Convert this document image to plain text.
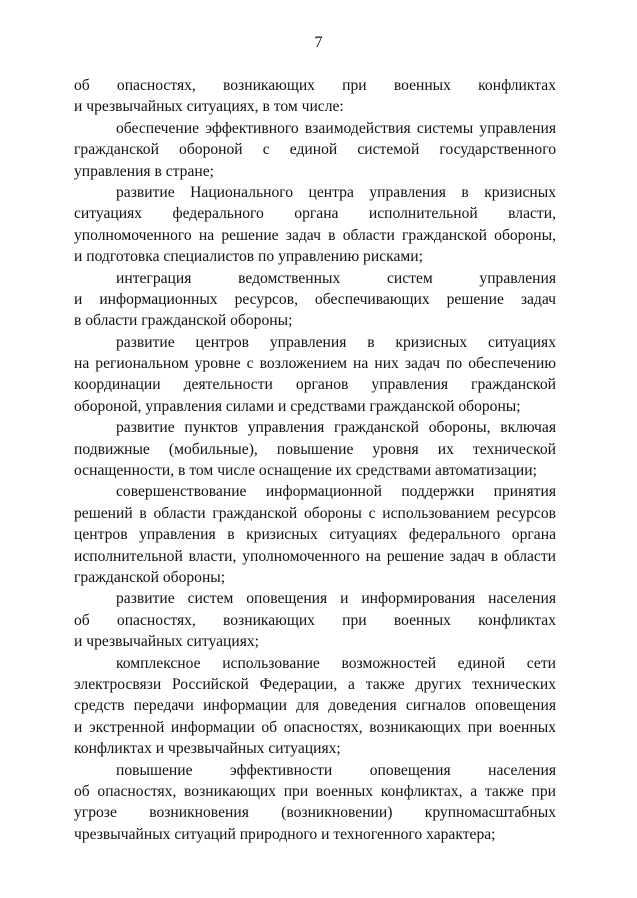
7
об опасностях, возникающих при военных конфликтах
и чрезвычайных ситуациях, в том числе:
обеспечение эффективного взаимодействия системы управления
гражданской обороной с единой системой государственного
управления в стране;
развитие Национального центра управления в кризисных
ситуациях федерального органа исполнительной власти,
уполномоченного на решение задач в области гражданской обороны,
и подготовка специалистов по управлению рисками;
интеграция ведомственных систем управления
и информационных ресурсов, обеспечивающих решение задач
в области гражданской обороны;
развитие центров управления в кризисных ситуациях
на региональном уровне с возложением на них задач по обеспечению
координации деятельности органов управления гражданской
обороной, управления силами и средствами гражданской обороны;
развитие пунктов управления гражданской обороны, включая
подвижные (мобильные), повышение уровня их технической
оснащенности, в том числе оснащение их средствами автоматизации;
совершенствование информационной поддержки принятия
решений в области гражданской обороны с использованием ресурсов
центров управления в кризисных ситуациях федерального органа
исполнительной власти, уполномоченного на решение задач в области
гражданской обороны;
развитие систем оповещения и информирования населения
об опасностях, возникающих при военных конфликтах
и чрезвычайных ситуациях;
комплексное использование возможностей единой сети
электросвязи Российской Федерации, а также других технических
средств передачи информации для доведения сигналов оповещения
и экстренной информации об опасностях, возникающих при военных
конфликтах и чрезвычайных ситуациях;
повышение эффективности оповещения населения
об опасностях, возникающих при военных конфликтах, а также при
угрозе возникновения (возникновении) крупномасштабных
чрезвычайных ситуаций природного и техногенного характера;
